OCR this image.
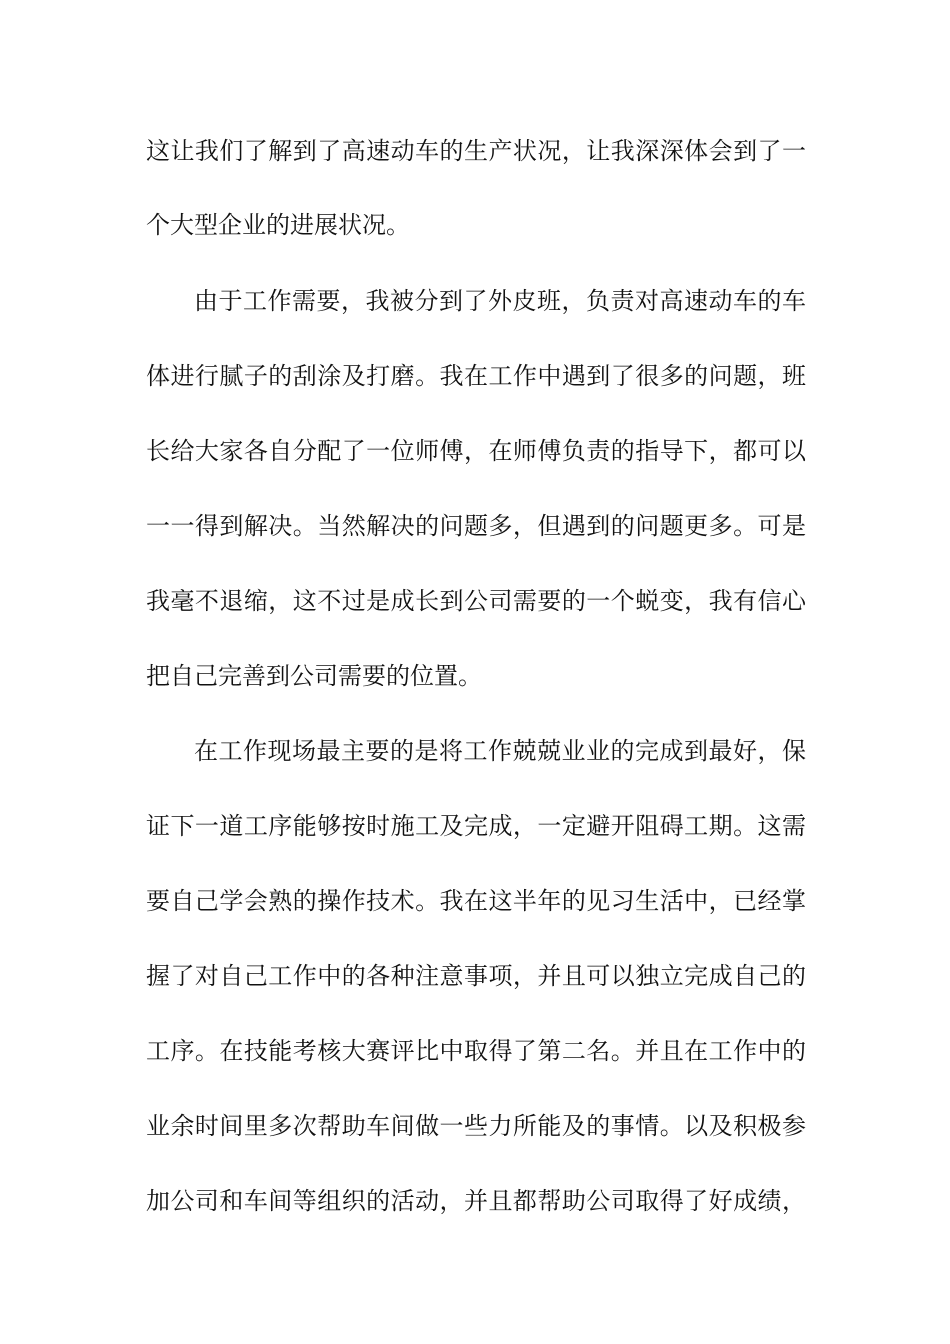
这让我们了解到了高速动车的生产状况，让我深深体会到了一
个大型企业的进展状况。
由于工作需要，我被分到了外皮班，负责对高速动车的车
体进行腻子的刮涂及打磨。我在工作中遇到了很多的问题，班
长给大家各自分配了一位师傅，在师傅负责的指导下，都可以
一一得到解决。当然解决的问题多，但遇到的问题更多。可是
我毫不退缩，这不过是成长到公司需要的一个蜕变，我有信心
把自己完善到公司需要的位置。
在工作现场最主要的是将工作兢兢业业的完成到最好，保
证下一道工序能够按时施工及完成，一定避开阻碍工期。这需
要自己学会熟的操作技术。我在这半年的见习生活中，已经掌
握了对自己工作中的各种注意事项，并且可以独立完成自己的
工序。在技能考核大赛评比中取得了第二名。并且在工作中的
业余时间里多次帮助车间做一些力所能及的事情。以及积极参
加公司和车间等组织的活动，并且都帮助公司取得了好成绩，
